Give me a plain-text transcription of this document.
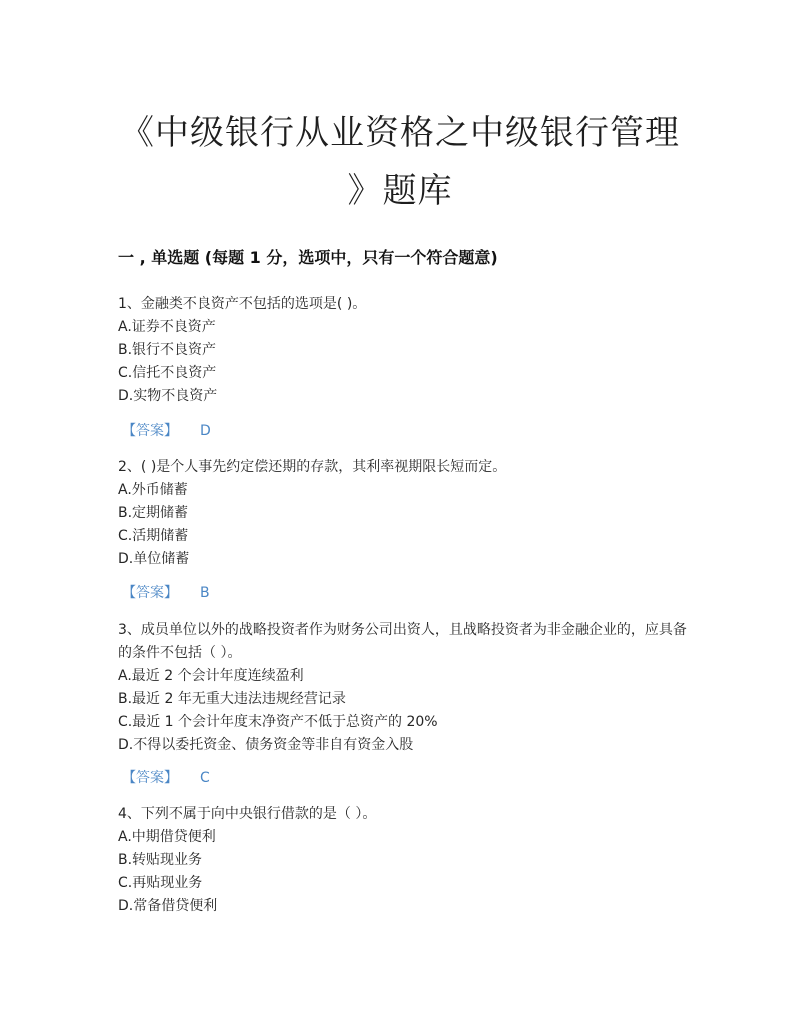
《中级银行从业资格之中级银行管理
》题库
一 , 单选题 (每题 1 分，选项中，只有一个符合题意)
1、金融类不良资产不包括的选项是( )。
A.证券不良资产
B.银行不良资产
C.信托不良资产
D.实物不良资产
【答案】 D
2、( )是个人事先约定偿还期的存款，其利率视期限长短而定。
A.外币储蓄
B.定期储蓄
C.活期储蓄
D.单位储蓄
【答案】 B
3、成员单位以外的战略投资者作为财务公司出资人，且战略投资者为非金融企业的，应具备的条件不包括（ ）。
A.最近 2 个会计年度连续盈利
B.最近 2 年无重大违法违规经营记录
C.最近 1 个会计年度末净资产不低于总资产的 20%
D.不得以委托资金、债务资金等非自有资金入股
【答案】 C
4、下列不属于向中央银行借款的是（ ）。
A.中期借贷便利
B.转贴现业务
C.再贴现业务
D.常备借贷便利
